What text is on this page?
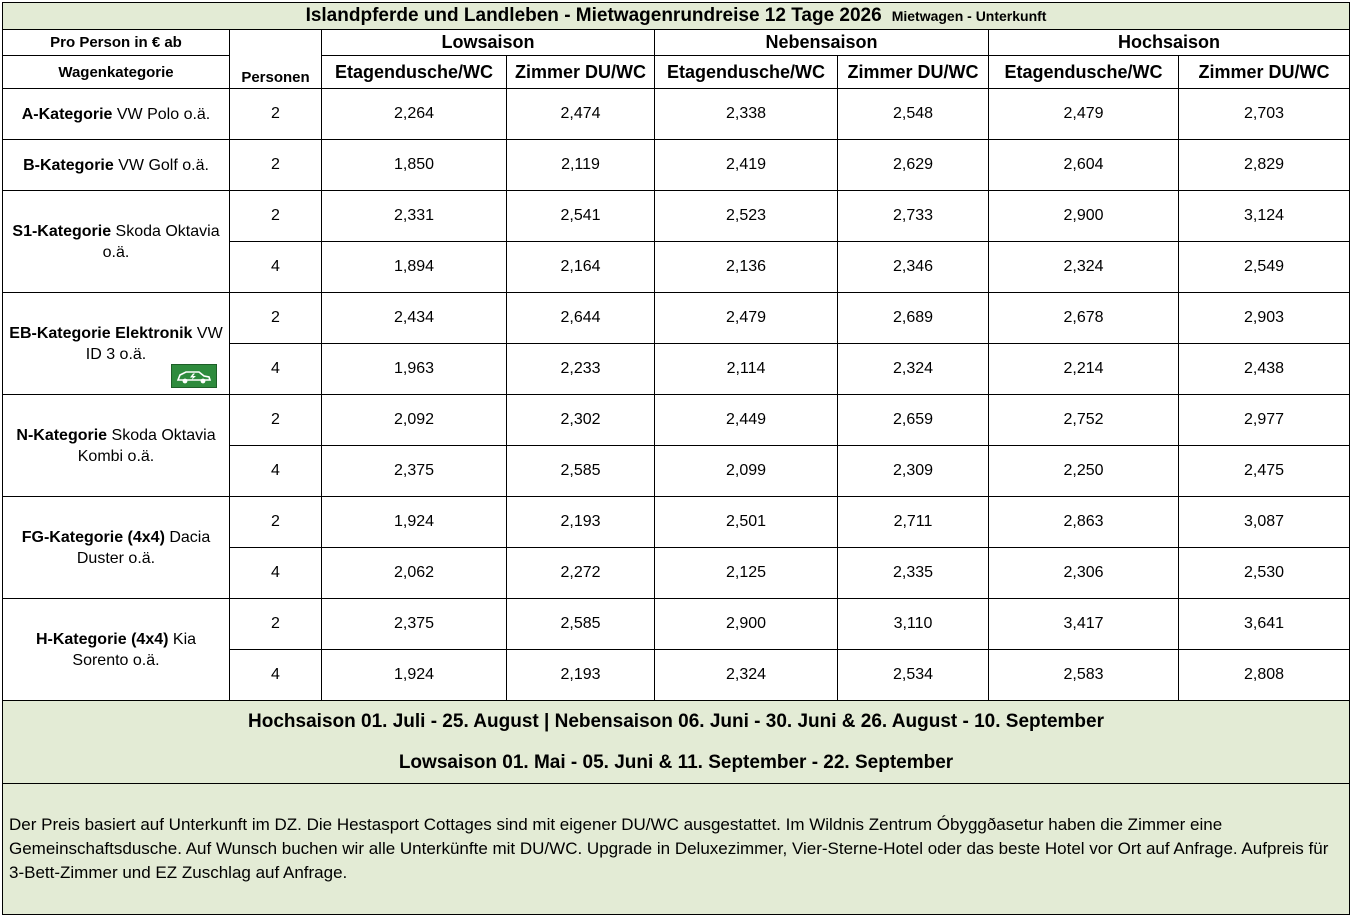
Islandpferde und Landleben - Mietwagenrundreise 12 Tage 2026 Mietwagen - Unterkunft							
Pro Person in € ab	Personen	Lowsaison		Nebensaison		Hochsaison	
Wagenkategorie		Etagendusche/WC	Zimmer DU/WC	Etagendusche/WC	Zimmer DU/WC	Etagendusche/WC	Zimmer DU/WC
A-Kategorie VW Polo o.ä.	2	2,264	2,474	2,338	2,548	2,479	2,703
B-Kategorie VW Golf o.ä.	2	1,850	2,119	2,419	2,629	2,604	2,829
S1-Kategorie Skoda Oktavia o.ä.	2	2,331	2,541	2,523	2,733	2,900	3,124
	4	1,894	2,164	2,136	2,346	2,324	2,549
EB-Kategorie Elektronik VW ID 3 o.ä.	2	2,434	2,644	2,479	2,689	2,678	2,903
	4	1,963	2,233	2,114	2,324	2,214	2,438
N-Kategorie Skoda Oktavia Kombi o.ä.	2	2,092	2,302	2,449	2,659	2,752	2,977
	4	2,375	2,585	2,099	2,309	2,250	2,475
FG-Kategorie (4x4) Dacia Duster o.ä.	2	1,924	2,193	2,501	2,711	2,863	3,087
	4	2,062	2,272	2,125	2,335	2,306	2,530
H-Kategorie (4x4) Kia Sorento o.ä.	2	2,375	2,585	2,900	3,110	3,417	3,641
	4	1,924	2,193	2,324	2,534	2,583	2,808

Hochsaison 01. Juli - 25. August | Nebensaison 06. Juni - 30. Juni & 26. August - 10. September
Lowsaison 01. Mai - 05. Juni & 11. September - 22. September							

Der Preis basiert auf Unterkunft im DZ. Die Hestasport Cottages sind mit eigener DU/WC ausgestattet. Im Wildnis Zentrum Óbyggðasetur haben die Zimmer eine Gemeinschaftsdusche. Auf Wunsch buchen wir alle Unterkünfte mit DU/WC. Upgrade in Deluxezimmer, Vier-Sterne-Hotel oder das beste Hotel vor Ort auf Anfrage. Aufpreis für 3-Bett-Zimmer und EZ Zuschlag auf Anfrage.							
